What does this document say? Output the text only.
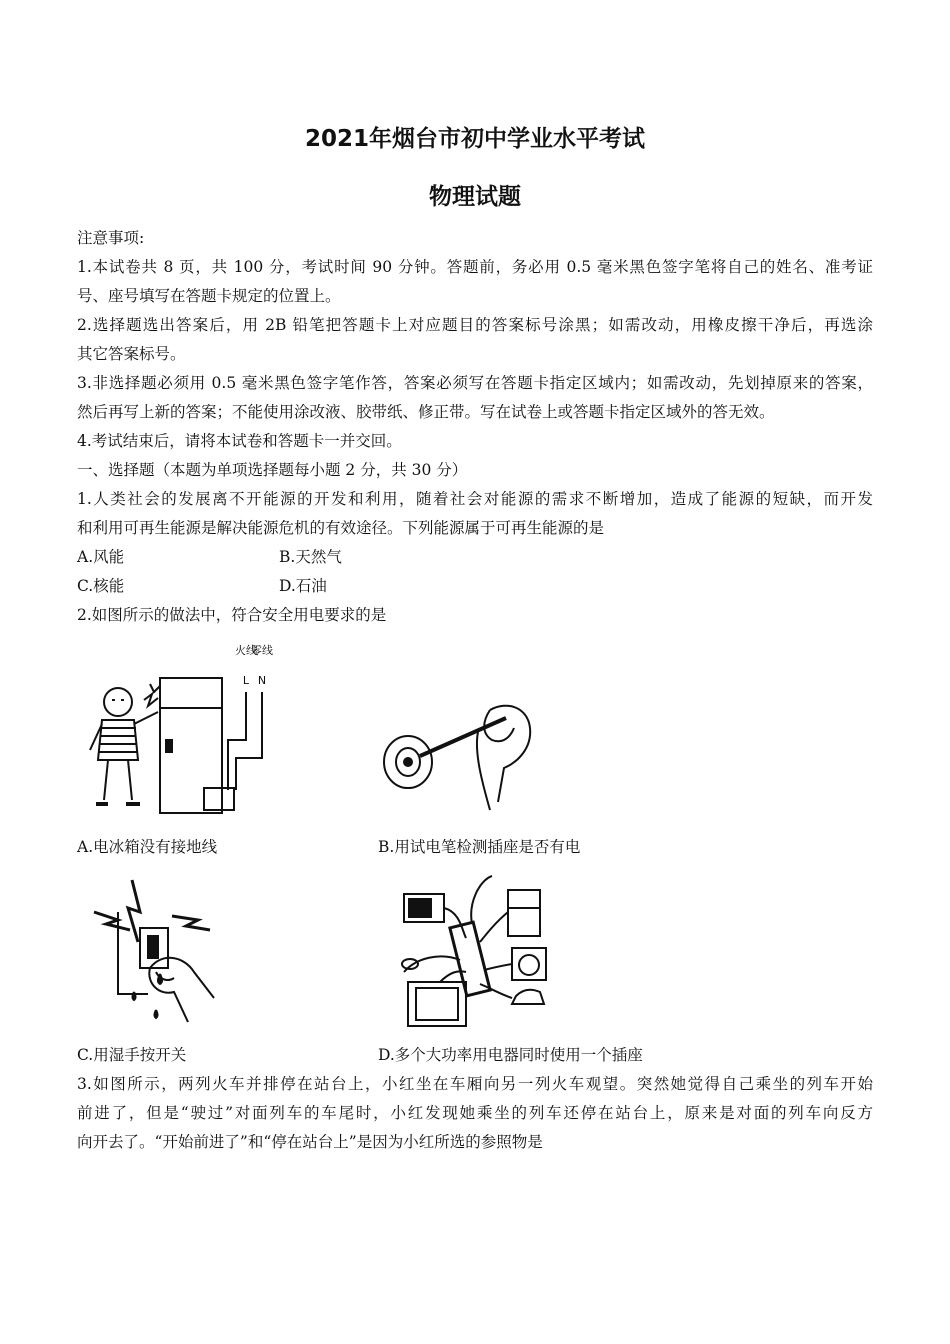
2021年烟台市初中学业水平考试
物理试题
注意事项:
1.本试卷共 8 页，共 100 分，考试时间 90 分钟。答题前，务必用 0.5 毫米黑色签字笔将自己的姓名、准考证
号、座号填写在答题卡规定的位置上。
2.选择题选出答案后，用 2B 铅笔把答题卡上对应题目的答案标号涂黑；如需改动，用橡皮擦干净后，再选涂
其它答案标号。
3.非选择题必须用 0.5 毫米黑色签字笔作答，答案必须写在答题卡指定区域内；如需改动，先划掉原来的答案，
然后再写上新的答案；不能使用涂改液、胶带纸、修正带。写在试卷上或答题卡指定区域外的答无效。
4.考试结束后，请将本试卷和答题卡一并交回。
一、选择题（本题为单项选择题每小题 2 分，共 30 分）
1.人类社会的发展离不开能源的开发和利用，随着社会对能源的需求不断增加，造成了能源的短缺，而开发
和利用可再生能源是解决能源危机的有效途径。下列能源属于可再生能源的是
A.风能	B.天然气
C.核能	D.石油
2.如图所示的做法中，符合安全用电要求的是
火线
L
零线
N
A.电冰箱没有接地线	B.用试电笔检测插座是否有电
C.用湿手按开关	D.多个大功率用电器同时使用一个插座
3.如图所示，两列火车并排停在站台上，小红坐在车厢向另一列火车观望。突然她觉得自己乘坐的列车开始
前进了，但是“驶过”对面列车的车尾时，小红发现她乘坐的列车还停在站台上，原来是对面的列车向反方
向开去了。“开始前进了”和“停在站台上”是因为小红所选的参照物是
